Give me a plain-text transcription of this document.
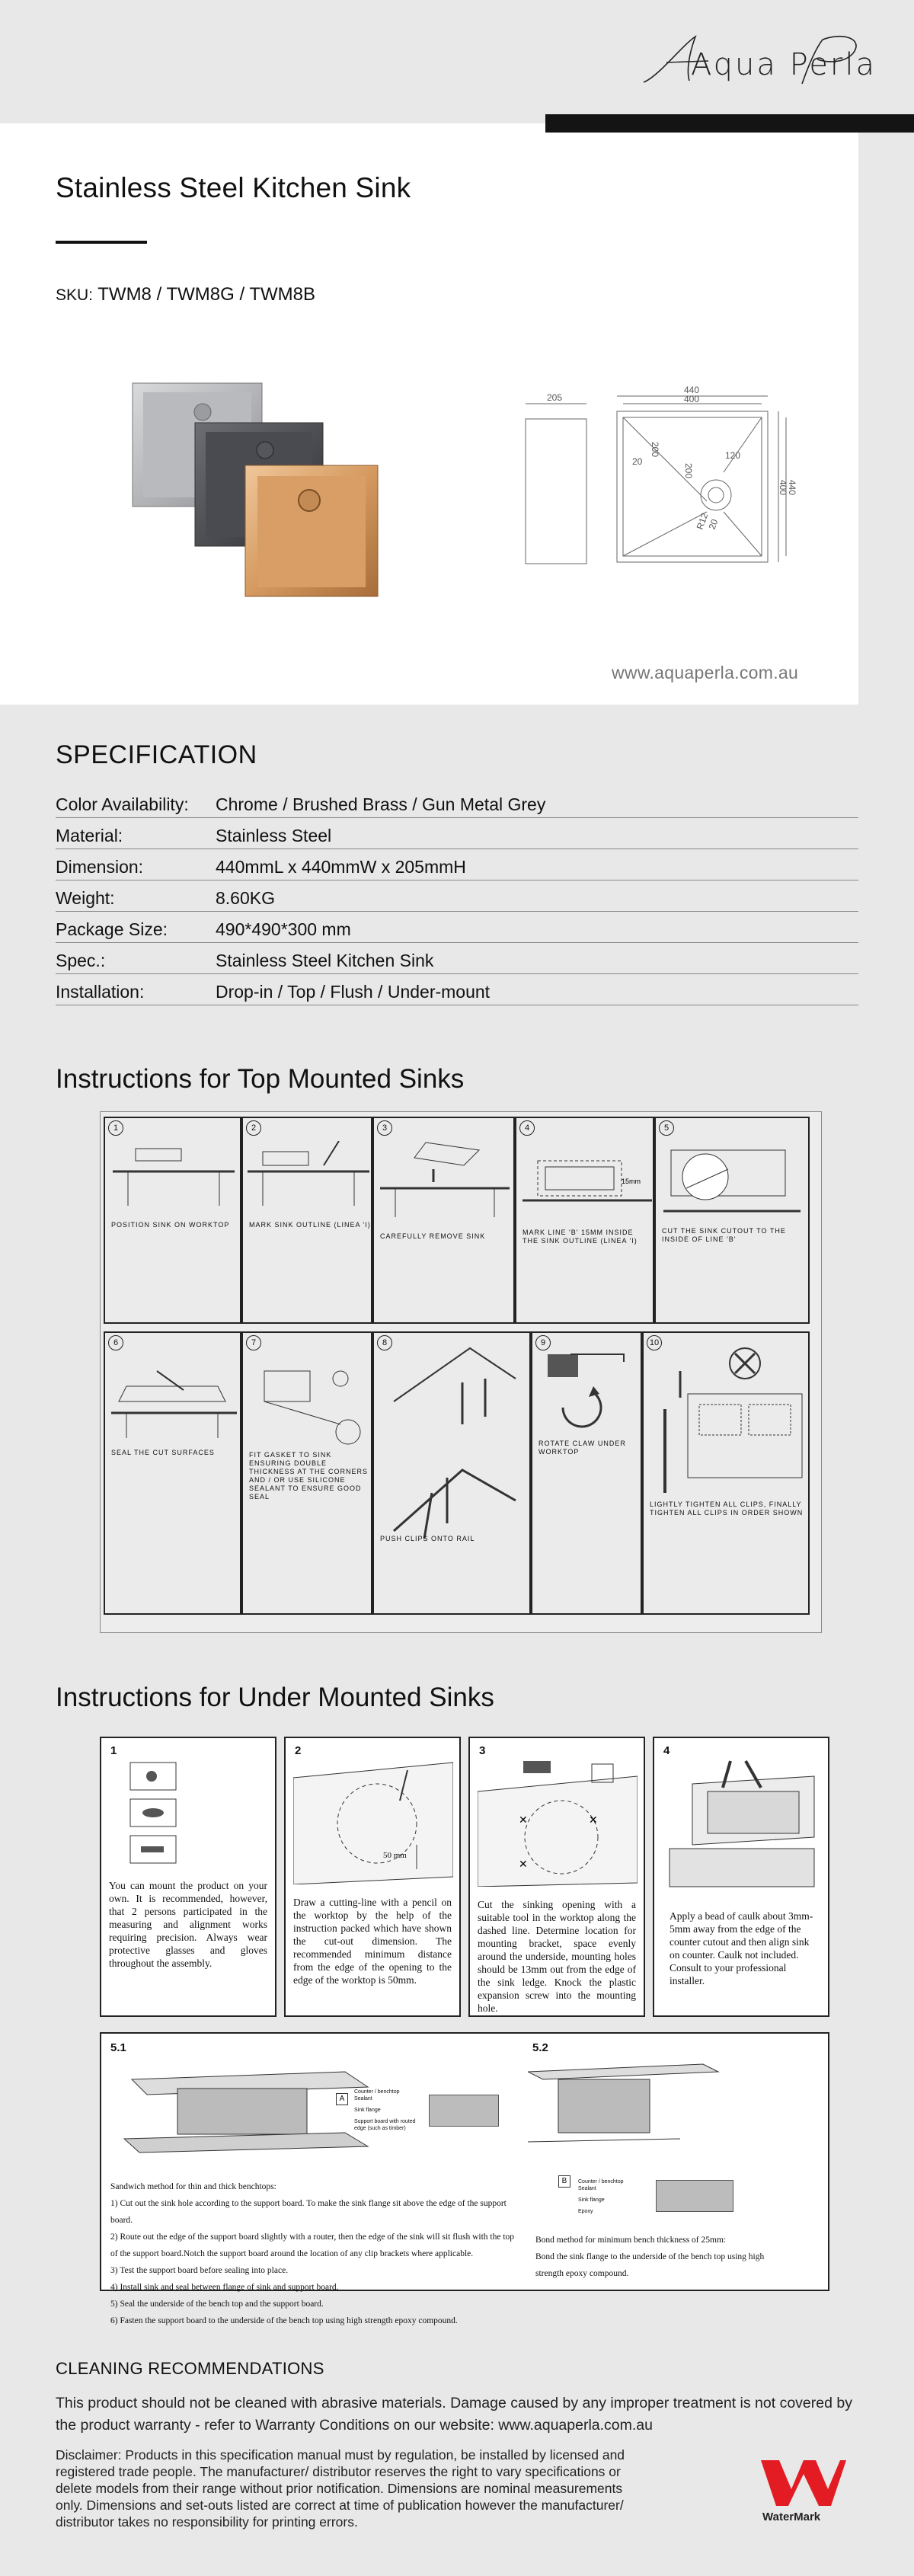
Aqua Perla
Stainless Steel Kitchen Sink
SKU: TWM8 / TWM8G / TWM8B
205
440
400
200
200
120
20
440
400
R12
20
www.aquaperla.com.au
SPECIFICATION
Color Availability: Chrome / Brushed Brass / Gun Metal Grey
Material:	Stainless Steel
Dimension:	440mmL x 440mmW x 205mmH
Weight:	8.60KG
Package Size:	490*490*300 mm
Spec.:	Stainless Steel Kitchen Sink
Installation:	Drop-in / Top / Flush / Under-mount
Instructions for Top Mounted Sinks
1
POSITION SINK ON WORKTOP
2
MARK SINK OUTLINE (LINEA 'I)
3
CAREFULLY REMOVE SINK
4
15mm
MARK LINE 'B' 15MM INSIDE THE SINK OUTLINE (LINEA 'I)
5
CUT THE SINK CUTOUT TO THE INSIDE OF LINE 'B'
6
SEAL THE CUT SURFACES
7
FIT GASKET TO SINK ENSURING DOUBLE THICKNESS AT THE CORNERS AND / OR USE SILICONE SEALANT TO ENSURE GOOD SEAL
8
PUSH CLIPS ONTO RAIL
9
ROTATE CLAW UNDER WORKTOP
10
LIGHTLY TIGHTEN ALL CLIPS, FINALLY TIGHTEN ALL CLIPS IN ORDER SHOWN
Instructions for Under Mounted Sinks
1
You can mount the product on your own. It is recommended, however, that 2 persons participated in the measuring and alignment works requiring precision. Always wear protective glasses and gloves throughout the assembly.
2
50 mm
Draw a cutting-line with a pencil on the worktop by the help of the instruction packed which have shown the cut-out dimension. The recommended minimum distance from the edge of the opening to the edge of the worktop is 50mm.
3
✕	✕
✕
Cut the sinking opening with a suitable tool in the worktop along the dashed line. Determine location for mounting bracket, space evenly around the underside, mounting holes should be 13mm out from the edge of the sink ledge. Knock the plastic expansion screw into the mounting hole.
4
Apply a bead of caulk about 3mm-5mm away from the edge of the counter cutout and then align sink on counter. Caulk not included. Consult to your professional installer.
5.1	5.2
A
Counter / benchtop
Sealant
Sink flange
Support board with routed edge (such as timber)
Sandwich method for thin and thick benchtops:
1) Cut out the sink hole according to the support board. To make the sink flange sit above the edge of the support board.
2) Route out the edge of the support board slightly with a router, then the edge of the sink will sit flush with the top of the support board.Notch the support board around the location of any clip brackets where applicable.
3) Test the support board before sealing into place.
4) Install sink and seal between flange of sink and support board.
5) Seal the underside of the bench top and the support board.
6) Fasten the support board to the underside of the bench top using high strength epoxy compound.
B	Counter / benchtop
Sealant
Sink flange
Epoxy
Bond method for minimum bench thickness of 25mm:
Bond the sink flange to the underside of the bench top using high strength epoxy compound.
CLEANING RECOMMENDATIONS
This product should not be cleaned with abrasive materials. Damage caused by any improper treatment is not covered by the product warranty - refer to Warranty Conditions on our website: www.aquaperla.com.au
Disclaimer: Products in this specification manual must by regulation, be installed by licensed and registered trade people. The manufacturer/ distributor reserves the right to vary specifications or delete models from their range without prior notification. Dimensions are nominal measurements only. Dimensions and set-outs listed are correct at time of publication however the manufacturer/ distributor takes no responsibility for printing errors.	WaterMark
